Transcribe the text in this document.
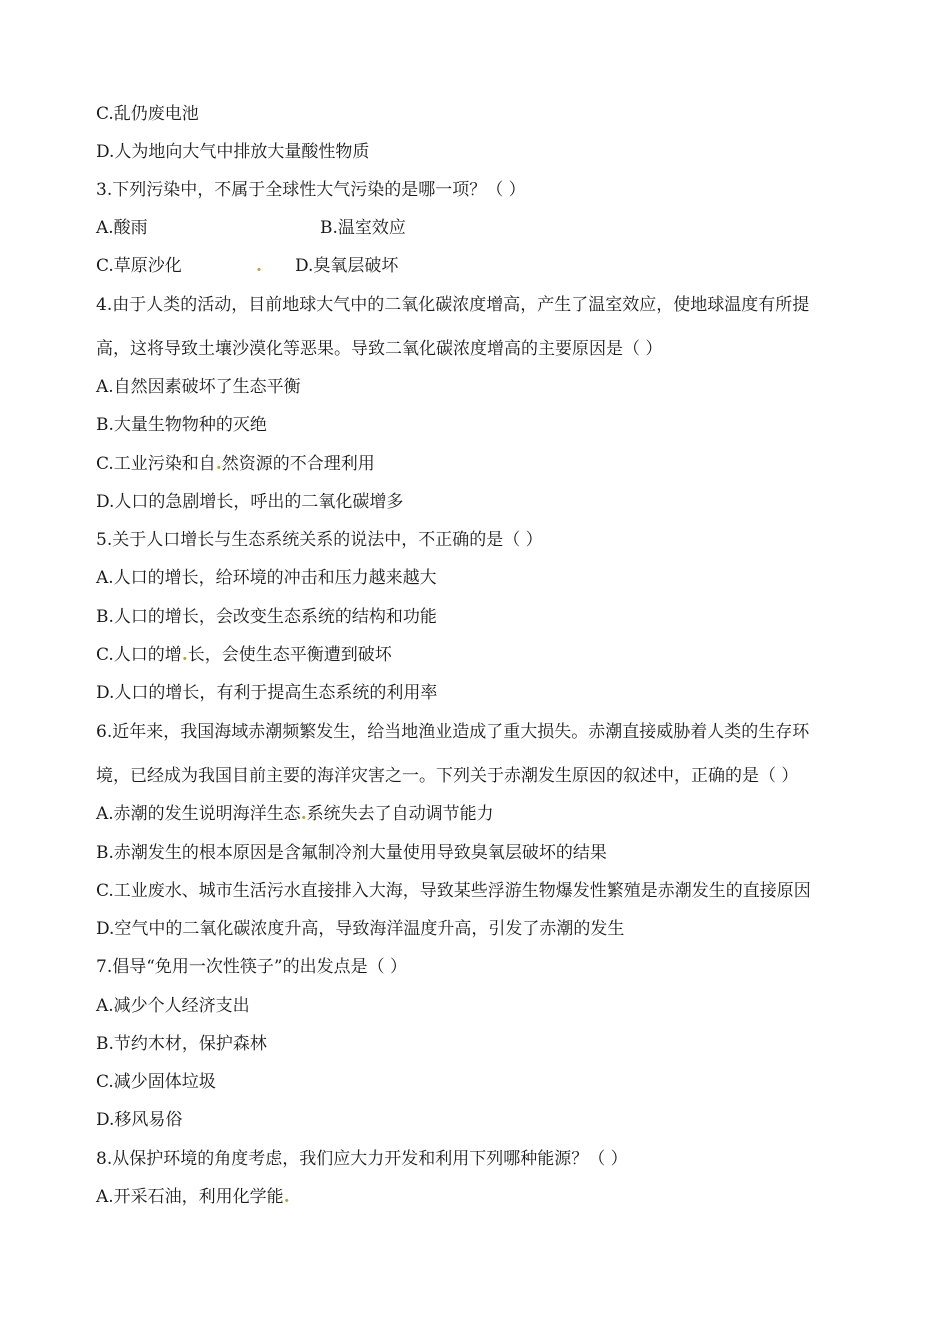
C.乱仍废电池
D.人为地向大气中排放大量酸性物质
3.下列污染中，不属于全球性大气污染的是哪一项？（ ）
A.酸雨	B.温室效应
C.草原沙化	. D.臭氧层破坏
4.由于人类的活动，目前地球大气中的二氧化碳浓度增高，产生了温室效应，使地球温度有所提
高，这将导致土壤沙漠化等恶果。导致二氧化碳浓度增高的主要原因是（ ）
A.自然因素破坏了生态平衡
B.大量生物物种的灭绝
C.工业污染和自.然资源的不合理利用
D.人口的急剧增长，呼出的二氧化碳增多
5.关于人口增长与生态系统关系的说法中，不正确的是（ ）
A.人口的增长，给环境的冲击和压力越来越大
B.人口的增长，会改变生态系统的结构和功能
C.人口的增.长，会使生态平衡遭到破坏
D.人口的增长，有利于提高生态系统的利用率
6.近年来，我国海域赤潮频繁发生，给当地渔业造成了重大损失。赤潮直接威胁着人类的生存环
境，已经成为我国目前主要的海洋灾害之一。下列关于赤潮发生原因的叙述中，正确的是（ ）
A.赤潮的发生说明海洋生态.系统失去了自动调节能力
B.赤潮发生的根本原因是含氟制冷剂大量使用导致臭氧层破坏的结果
C.工业废水、城市生活污水直接排入大海，导致某些浮游生物爆发性繁殖是赤潮发生的直接原因
D.空气中的二氧化碳浓度升高，导致海洋温度升高，引发了赤潮的发生
7.倡导“免用一次性筷子”的出发点是（ ）
A.减少个人经济支出
B.节约木材，保护森林
C.减少固体垃圾
D.移风易俗
8.从保护环境的角度考虑，我们应大力开发和利用下列哪种能源？（ ）
A.开采石油，利用化学能.
